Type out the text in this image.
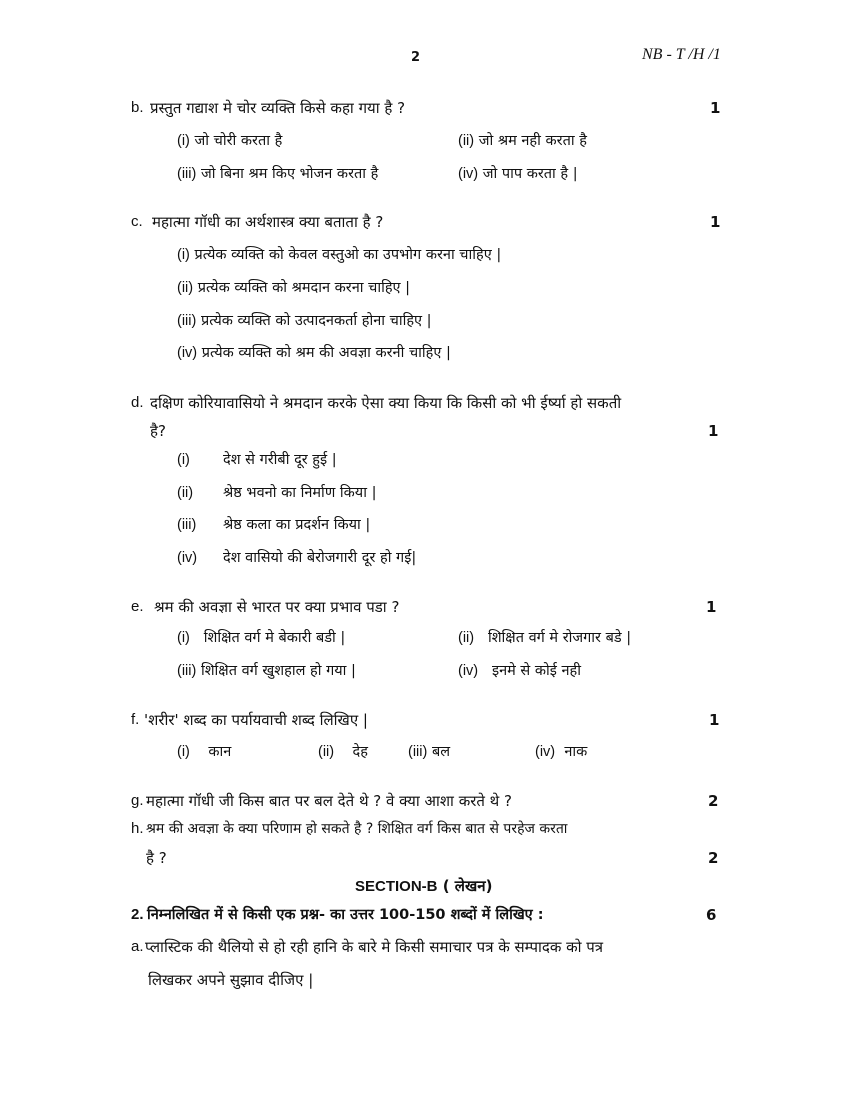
2	NB - T /H /1
b. प्रस्तुत गद्याश मे चोर व्यक्ति किसे कहा गया है ?	1
(i) जो चोरी करता है	(ii) जो श्रम नही करता है
(iii) जो बिना श्रम किए भोजन करता है	(iv) जो पाप करता है |
c. महात्मा गॉधी का अर्थशास्त्र क्या बताता है ?	1
(i) प्रत्येक व्यक्ति को केवल वस्तुओ का उपभोग करना चाहिए |
(ii) प्रत्येक व्यक्ति को श्रमदान करना चाहिए |
(iii) प्रत्येक व्यक्ति को उत्पादनकर्ता होना चाहिए |
(iv) प्रत्येक व्यक्ति को श्रम की अवज्ञा करनी चाहिए |
d. दक्षिण कोरियावासियो ने श्रमदान करके ऐसा क्या किया कि किसी को भी ईर्ष्या हो सकती
है?	1
(i) देश से गरीबी दूर हुई |
(ii) श्रेष्ठ भवनो का निर्माण किया |
(iii) श्रेष्ठ कला का प्रदर्शन किया |
(iv) देश वासियो की बेरोजगारी दूर हो गई|
e. श्रम की अवज्ञा से भारत पर क्या प्रभाव पडा ?	1
(i) शिक्षित वर्ग मे बेकारी बडी |	(ii) शिक्षित वर्ग मे रोजगार बडे |
(iii) शिक्षित वर्ग खुशहाल हो गया |	(iv) इनमे से कोई नही
f. 'शरीर' शब्द का पर्यायवाची शब्द लिखिए |	1
(i) कान	(ii) देह	(iii) बल	(iv) नाक
g. महात्मा गॉधी जी किस बात पर बल देते थे ? वे क्या आशा करते थे ?	2
h. श्रम की अवज्ञा के क्या परिणाम हो सकते है ? शिक्षित वर्ग किस बात से परहेज करता
है ?	2
SECTION-B ( लेखन)
2. निम्नलिखित में से किसी एक प्रश्न- का उत्तर 100-150 शब्दों में लिखिए :	6
a. प्लास्टिक की थैलियो से हो रही हानि के बारे मे किसी समाचार पत्र के सम्पादक को पत्र
लिखकर अपने सुझाव दीजिए |
